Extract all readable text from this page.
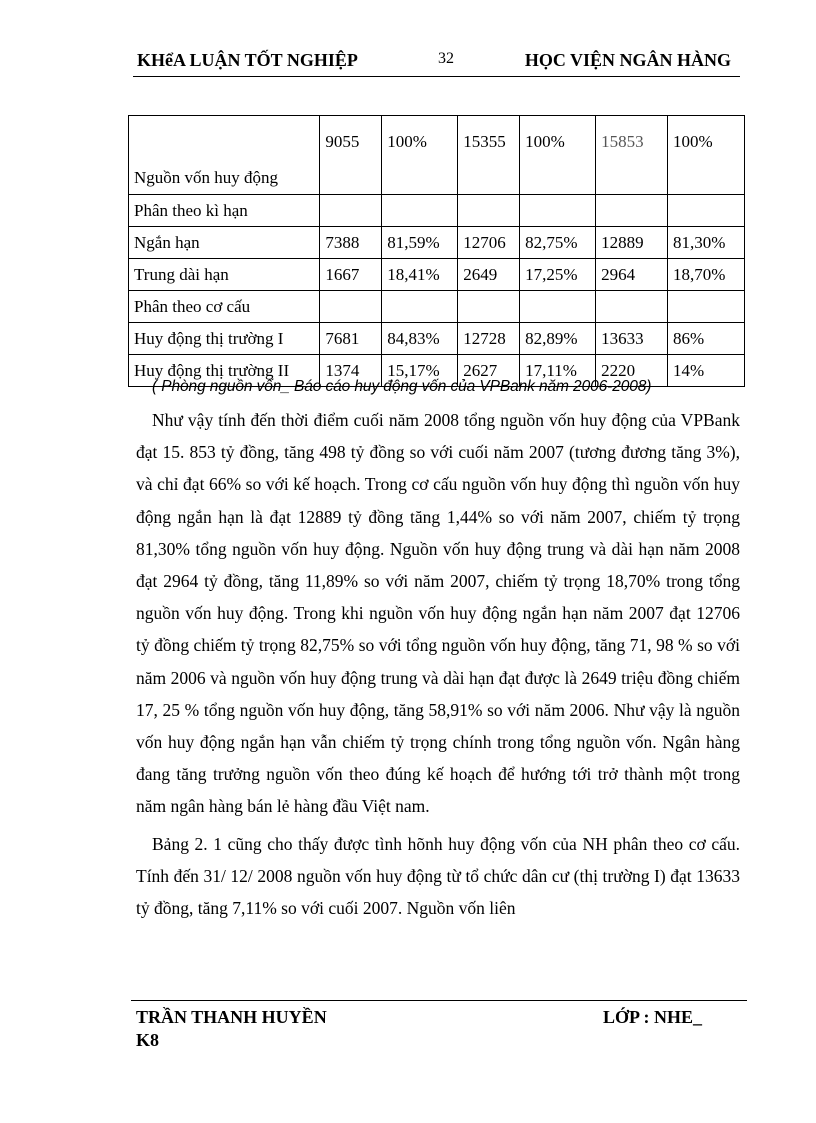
KHểA LUẬN TỐT NGHIỆP	32	HỌC VIỆN NGÂN HÀNG
Nguồn vốn huy động	9055	100%	15355	100%	15853	100%
Phân theo kì hạn						
Ngắn hạn	7388	81,59%	12706	82,75%	12889	81,30%
Trung dài hạn	1667	18,41%	2649	17,25%	2964	18,70%
Phân theo cơ cấu						
Huy động thị trường I	7681	84,83%	12728	82,89%	13633	86%
Huy động thị trường II	1374	15,17%	2627	17,11%	2220	14%
( Phòng nguồn vốn_ Báo cáo huy động vốn của VPBank năm 2006-2008)

Như vậy tính đến thời điểm cuối năm 2008 tổng nguồn vốn huy động của VPBank đạt 15. 853 tỷ đồng, tăng 498 tỷ đồng so với cuối năm 2007 (tương đương tăng 3%), và chỉ đạt 66% so với kế hoạch. Trong cơ cấu nguồn vốn huy động thì nguồn vốn huy động ngắn hạn là đạt 12889 tỷ đồng tăng 1,44% so với năm 2007, chiếm tỷ trọng 81,30% tổng nguồn vốn huy động. Nguồn vốn huy động trung và dài hạn năm 2008 đạt 2964 tỷ đồng, tăng 11,89% so với năm 2007, chiếm tỷ trọng 18,70% trong tổng nguồn vốn huy động. Trong khi nguồn vốn huy động ngắn hạn năm 2007 đạt 12706 tỷ đồng chiếm tỷ trọng 82,75% so với tổng nguồn vốn huy động, tăng 71, 98 % so với năm 2006 và nguồn vốn huy động trung và dài hạn đạt được là 2649 triệu đồng chiếm 17, 25 % tổng nguồn vốn huy động, tăng 58,91% so với năm 2006. Như vậy là nguồn vốn huy động ngắn hạn vẫn chiếm tỷ trọng chính trong tổng nguồn vốn. Ngân hàng đang tăng trưởng nguồn vốn theo đúng kế hoạch để hướng tới trở thành một trong năm ngân hàng bán lẻ hàng đầu Việt nam.

Bảng 2. 1 cũng cho thấy được tình hõnh huy động vốn của NH phân theo cơ cấu. Tính đến 31/ 12/ 2008 nguồn vốn huy động từ tổ chức dân cư (thị trường I) đạt 13633 tỷ đồng, tăng 7,11% so với cuối 2007. Nguồn vốn liên

TRẦN THANH HUYỀN	LỚP : NHE_
K8
